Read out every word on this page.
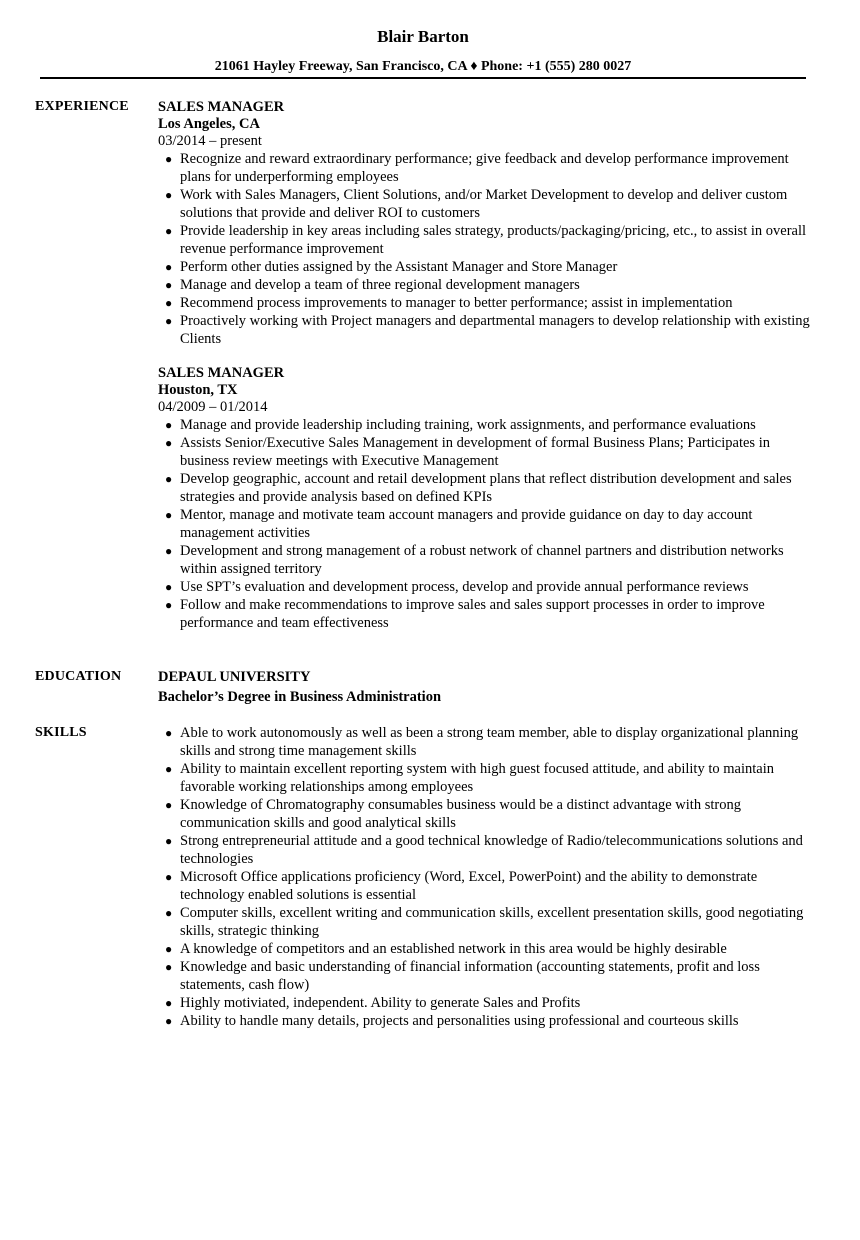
Blair Barton
21061 Hayley Freeway, San Francisco, CA ♦ Phone: +1 (555) 280 0027
EXPERIENCE SALES MANAGER
Los Angeles, CA
03/2014 – present
● Recognize and reward extraordinary performance; give feedback and develop performance improvement plans for underperforming employees
● Work with Sales Managers, Client Solutions, and/or Market Development to develop and deliver custom solutions that provide and deliver ROI to customers
● Provide leadership in key areas including sales strategy, products/packaging/pricing, etc., to assist in overall revenue performance improvement
● Perform other duties assigned by the Assistant Manager and Store Manager
● Manage and develop a team of three regional development managers
● Recommend process improvements to manager to better performance; assist in implementation
● Proactively working with Project managers and departmental managers to develop relationship with existing Clients
SALES MANAGER
Houston, TX
04/2009 – 01/2014
● Manage and provide leadership including training, work assignments, and performance evaluations
● Assists Senior/Executive Sales Management in development of formal Business Plans; Participates in business review meetings with Executive Management
● Develop geographic, account and retail development plans that reflect distribution development and sales strategies and provide analysis based on defined KPIs
● Mentor, manage and motivate team account managers and provide guidance on day to day account management activities
● Development and strong management of a robust network of channel partners and distribution networks within assigned territory
● Use SPT’s evaluation and development process, develop and provide annual performance reviews
● Follow and make recommendations to improve sales and sales support processes in order to improve performance and team effectiveness
EDUCATION	DEPAUL UNIVERSITY
Bachelor’s Degree in Business Administration
SKILLS	● Able to work autonomously as well as been a strong team member, able to display organizational planning skills and strong time management skills
● Ability to maintain excellent reporting system with high guest focused attitude, and ability to maintain favorable working relationships among employees
● Knowledge of Chromatography consumables business would be a distinct advantage with strong communication skills and good analytical skills
● Strong entrepreneurial attitude and a good technical knowledge of Radio/telecommunications solutions and technologies
● Microsoft Office applications proficiency (Word, Excel, PowerPoint) and the ability to demonstrate technology enabled solutions is essential
● Computer skills, excellent writing and communication skills, excellent presentation skills, good negotiating skills, strategic thinking
● A knowledge of competitors and an established network in this area would be highly desirable
● Knowledge and basic understanding of financial information (accounting statements, profit and loss statements, cash flow)
● Highly motiviated, independent. Ability to generate Sales and Profits
● Ability to handle many details, projects and personalities using professional and courteous skills
